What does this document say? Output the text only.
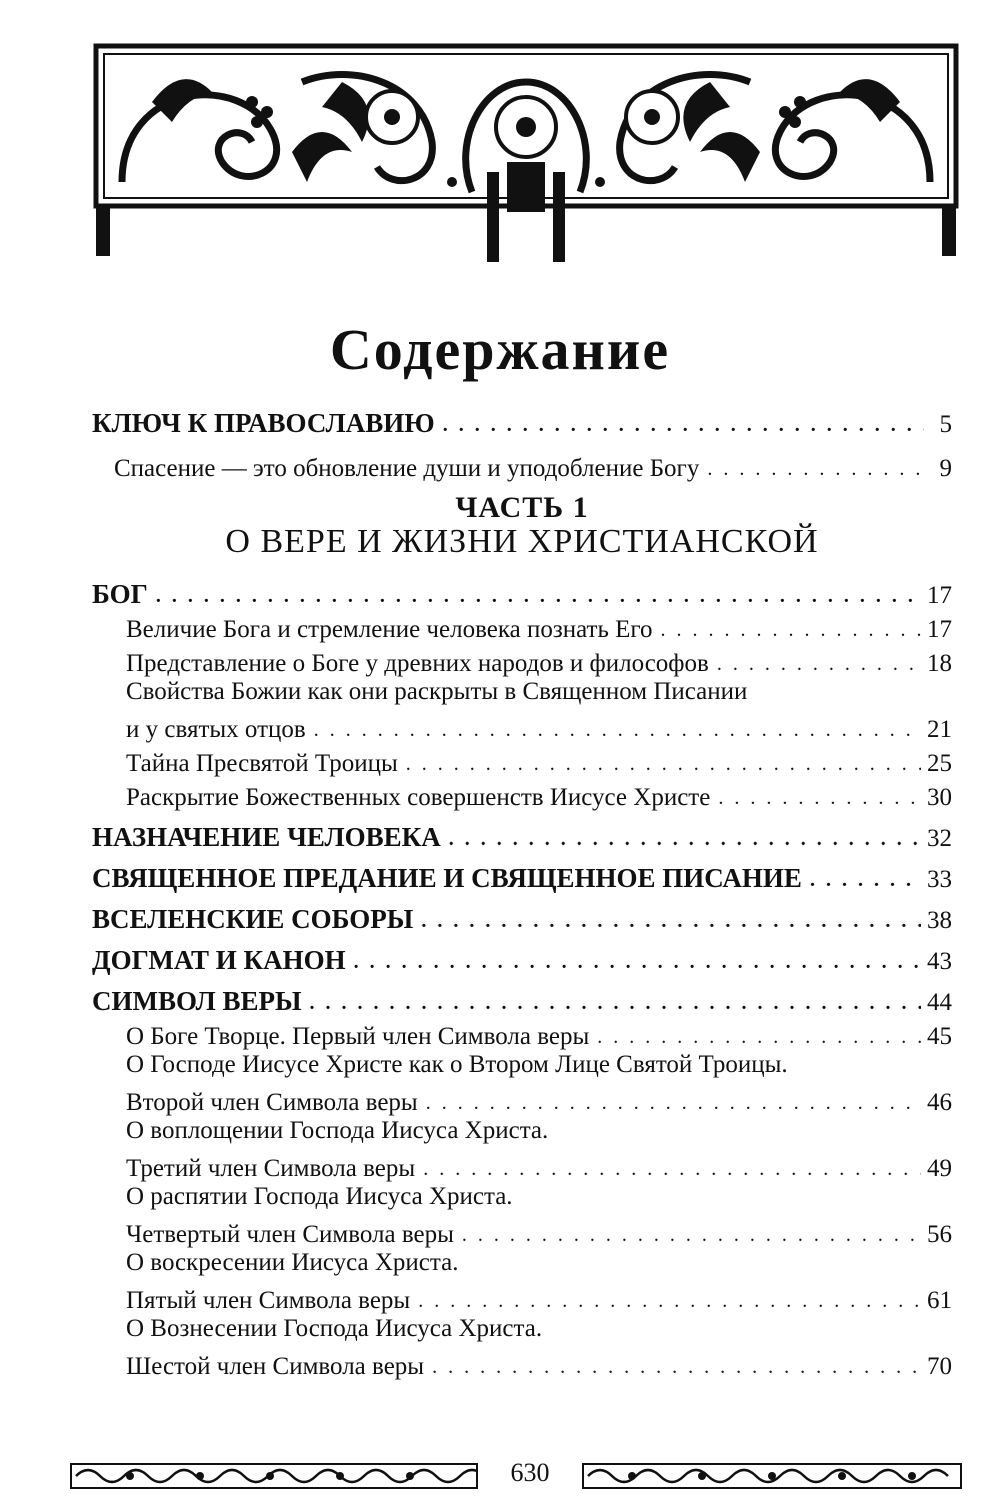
Содержание
КЛЮЧ К ПРАВОСЛАВИЮ . . .	5
Спасение — это обновление души и уподобление Богу . . .	9
ЧАСТЬ 1
О ВЕРЕ И ЖИЗНИ ХРИСТИАНСКОЙ
БОГ . . .	17
Величие Бога и стремление человека познать Его . . .	17
Представление о Боге у древних народов и философов . . .	18
Свойства Божии как они раскрыты в Священном Писании
и у святых отцов . . .	21
Тайна Пресвятой Троицы . . .	25
Раскрытие Божественных совершенств Иисусе Христе . . .	30
НАЗНАЧЕНИЕ ЧЕЛОВЕКА . . .	32
СВЯЩЕННОЕ ПРЕДАНИЕ И СВЯЩЕННОЕ ПИСАНИЕ . . .	33
ВСЕЛЕНСКИЕ СОБОРЫ . . .	38
ДОГМАТ И КАНОН . . .	43
СИМВОЛ ВЕРЫ . . .	44
О Боге Творце. Первый член Символа веры . . .	45
О Господе Иисусе Христе как о Втором Лице Святой Троицы.
Второй член Символа веры . . .	46
О воплощении Господа Иисуса Христа.
Третий член Символа веры . . .	49
О распятии Господа Иисуса Христа.
Четвертый член Символа веры . . .	56
О воскресении Иисуса Христа.
Пятый член Символа веры . . .	61
О Вознесении Господа Иисуса Христа.
Шестой член Символа веры . . .	70
630
